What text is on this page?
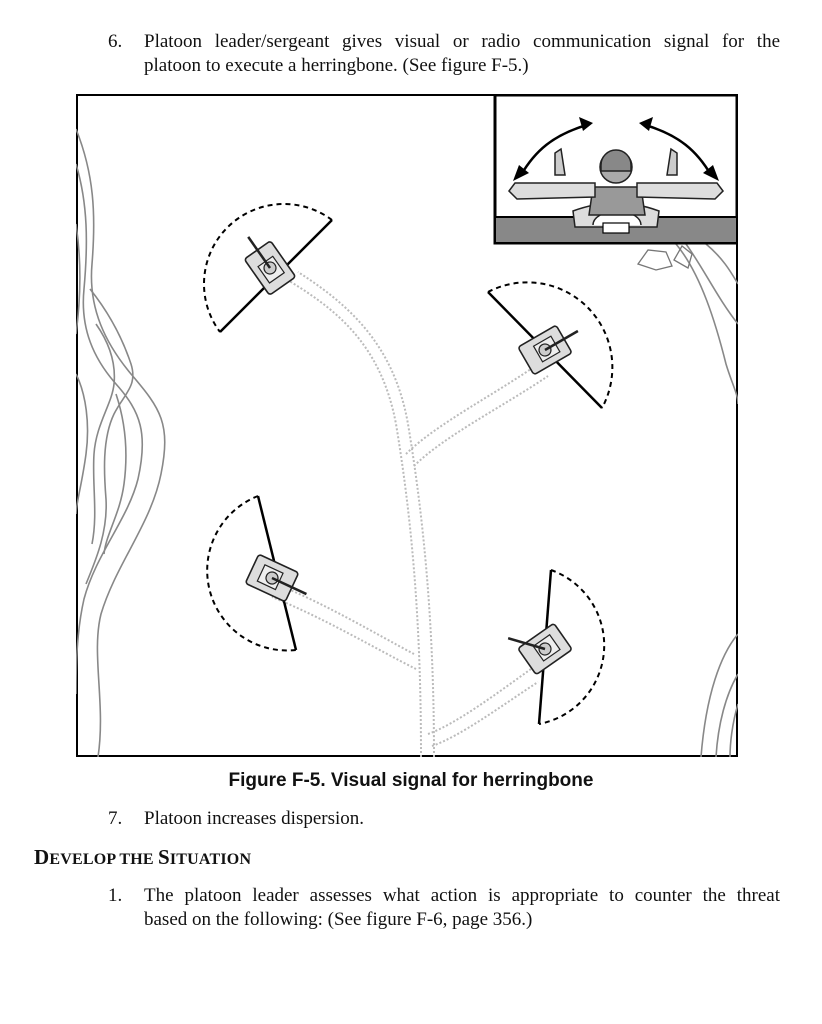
6. Platoon leader/sergeant gives visual or radio communication signal for the
platoon to execute a herringbone. (See figure F-5.)
Figure F-5. Visual signal for herringbone
7. Platoon increases dispersion.
DEVELOP THE SITUATION
1. The platoon leader assesses what action is appropriate to counter the threat
based on the following: (See figure F-6, page 356.)
